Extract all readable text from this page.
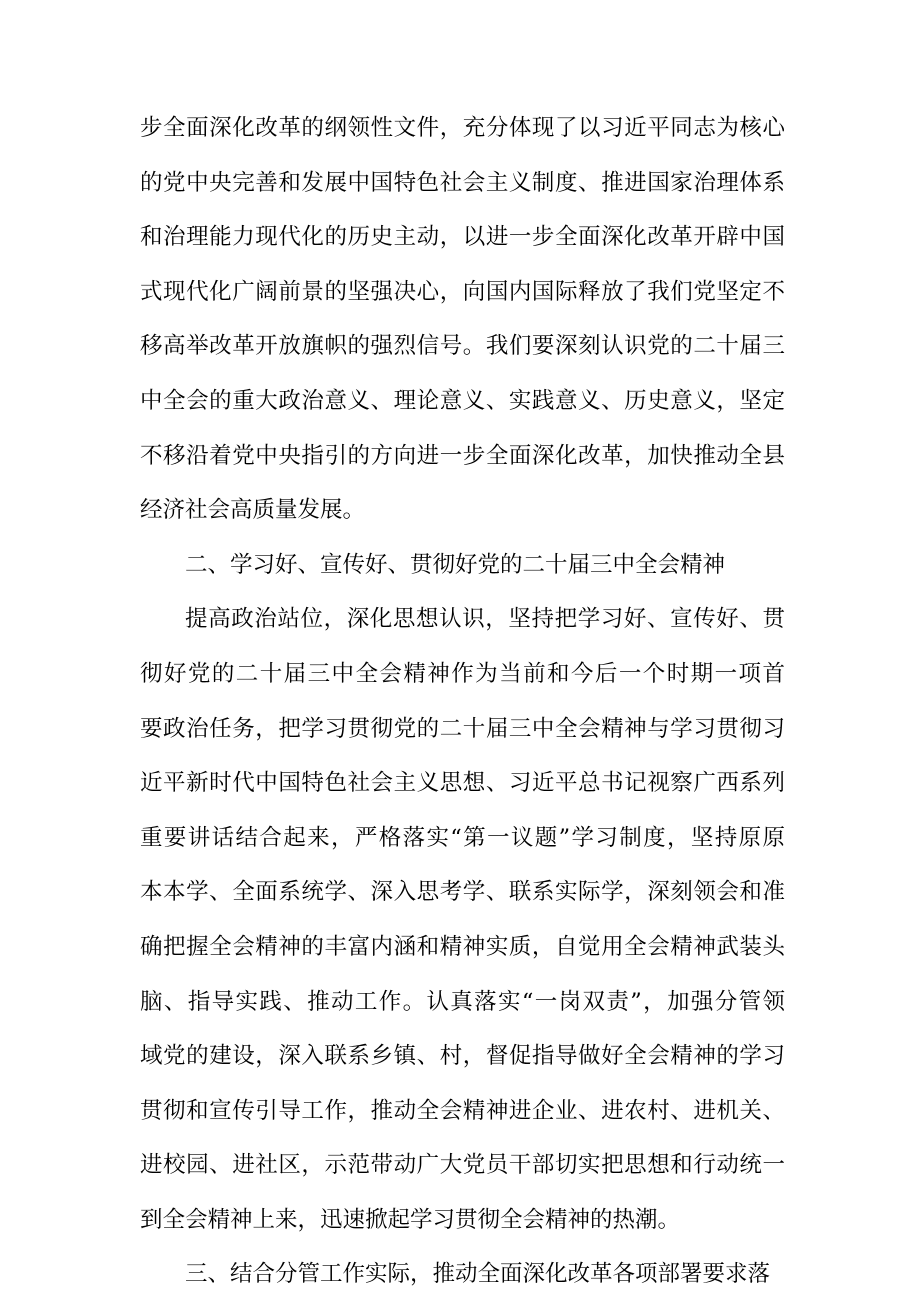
步全面深化改革的纲领性文件，充分体现了以习近平同志为核心
的党中央完善和发展中国特色社会主义制度、推进国家治理体系
和治理能力现代化的历史主动，以进一步全面深化改革开辟中国
式现代化广阔前景的坚强决心，向国内国际释放了我们党坚定不
移高举改革开放旗帜的强烈信号。我们要深刻认识党的二十届三
中全会的重大政治意义、理论意义、实践意义、历史意义，坚定
不移沿着党中央指引的方向进一步全面深化改革，加快推动全县
经济社会高质量发展。
二、学习好、宣传好、贯彻好党的二十届三中全会精神
提高政治站位，深化思想认识，坚持把学习好、宣传好、贯
彻好党的二十届三中全会精神作为当前和今后一个时期一项首
要政治任务，把学习贯彻党的二十届三中全会精神与学习贯彻习
近平新时代中国特色社会主义思想、习近平总书记视察广西系列
重要讲话结合起来，严格落实“第一议题”学习制度，坚持原原
本本学、全面系统学、深入思考学、联系实际学，深刻领会和准
确把握全会精神的丰富内涵和精神实质，自觉用全会精神武装头
脑、指导实践、推动工作。认真落实“一岗双责”，加强分管领
域党的建设，深入联系乡镇、村，督促指导做好全会精神的学习
贯彻和宣传引导工作，推动全会精神进企业、进农村、进机关、
进校园、进社区，示范带动广大党员干部切实把思想和行动统一
到全会精神上来，迅速掀起学习贯彻全会精神的热潮。
三、结合分管工作实际，推动全面深化改革各项部署要求落
